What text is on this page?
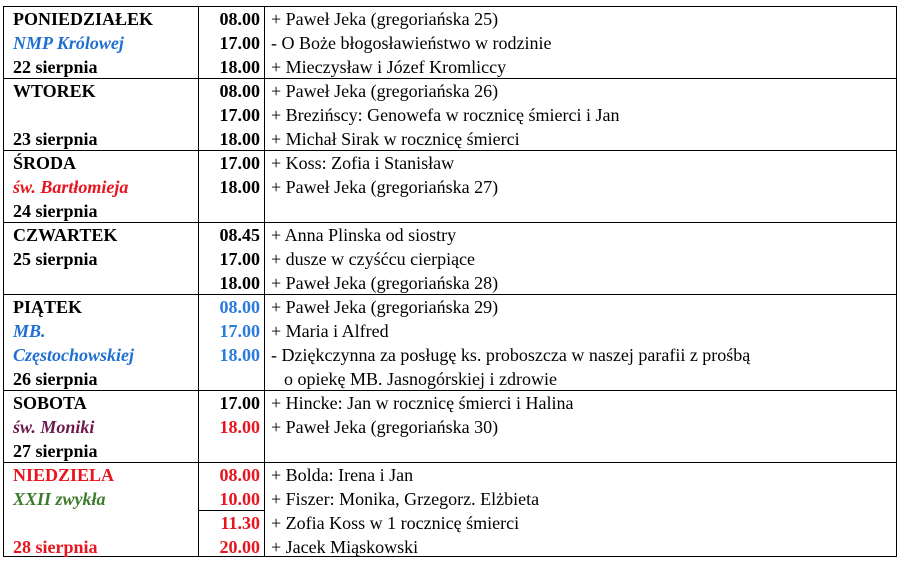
PONIEDZIAŁEK
NMP Królowej
22 sierpnia
08.00
17.00
18.00
+ Paweł Jeka (gregoriańska 25)
- O Boże błogosławieństwo w rodzinie
+ Mieczysław i Józef Kromliccy
WTOREK
23 sierpnia
08.00
17.00
18.00
+ Paweł Jeka (gregoriańska 26)
+ Brezińscy: Genowefa w rocznicę śmierci i Jan
+ Michał Sirak w rocznicę śmierci
ŚRODA
św. Bartłomieja
24 sierpnia
17.00
18.00
+ Koss: Zofia i Stanisław
+ Paweł Jeka (gregoriańska 27)
CZWARTEK
25 sierpnia
08.45
17.00
18.00
+ Anna Plinska od siostry
+ dusze w czyśćcu cierpiące
+ Paweł Jeka (gregoriańska 28)
PIĄTEK
MB.
Częstochowskiej
26 sierpnia
08.00
17.00
18.00
+ Paweł Jeka (gregoriańska 29)
+ Maria i Alfred
- Dziękczynna za posługę ks. proboszcza w naszej parafii z prośbą
o opiekę MB. Jasnogórskiej i zdrowie
SOBOTA
św. Moniki
27 sierpnia
17.00
18.00
+ Hincke: Jan w rocznicę śmierci i Halina
+ Paweł Jeka (gregoriańska 30)
NIEDZIELA
XXII zwykła
28 sierpnia
08.00
10.00
11.30
20.00
+ Bolda: Irena i Jan
+ Fiszer: Monika, Grzegorz. Elżbieta
+ Zofia Koss w 1 rocznicę śmierci
+ Jacek Miąskowski
